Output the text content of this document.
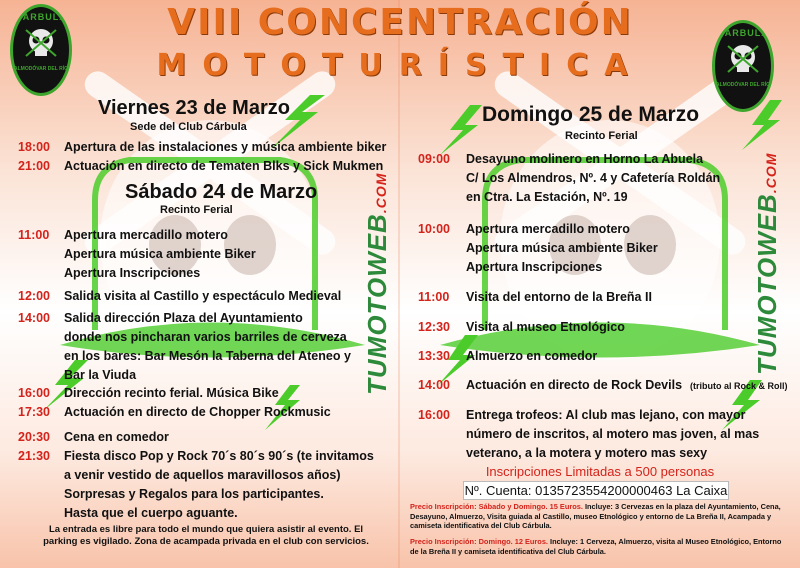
CÁRBULA
ALMODÓVAR DEL RÍO
CÁRBULA
ALMODÓVAR DEL RÍO
VIII CONCENTRACIÓN
MOTOTURÍSTICA
TUMOTOWEB.COM
TUMOTOWEB.COM
Viernes 23 de Marzo
Sede del Club Cárbula
Sábado 24 de Marzo
Recinto Ferial
Domingo 25 de Marzo
Recinto Ferial
18:00 Apertura de las instalaciones y música ambiente biker
21:00 Actuación en directo de Tematen Blks y Sick Mukmen
11:00 Apertura mercadillo motero
Apertura música ambiente Biker
Apertura Inscripciones
12:00 Salida visita al Castillo y espectáculo Medieval
14:00 Salida dirección Plaza del Ayuntamiento
donde nos pincharan varios barriles de cerveza
en los bares: Bar Mesón la Taberna del Ateneo y
Bar la Viuda
16:00 Dirección recinto ferial. Música Bike
17:30 Actuación en directo de Chopper Rockmusic
20:30 Cena en comedor
21:30 Fiesta disco Pop y Rock 70´s 80´s 90´s (te invitamos
a venir vestido de aquellos maravillosos años)
Sorpresas y Regalos para los participantes.
Hasta que el cuerpo aguante.
09:00 Desayuno molinero en Horno La Abuela
C/ Los Almendros, Nº. 4 y Cafetería Roldán
en Ctra. La Estación, Nº. 19
10:00 Apertura mercadillo motero
Apertura música ambiente Biker
Apertura Inscripciones
11:00 Visita del entorno de la Breña II
12:30 Visita al museo Etnológico
13:30 Almuerzo en comedor
14:00 Actuación en directo de Rock Devils (tributo al Rock & Roll)
16:00 Entrega trofeos: Al club mas lejano, con mayor
número de inscritos, al motero mas joven, al mas
veterano, a la motera y motero mas sexy
La entrada es libre para todo el mundo que quiera asistir al evento. El parking es vigilado. Zona de acampada privada en el club con servicios.
Inscripciones Limitadas a 500 personas
Nº. Cuenta: 0135723554200000463 La Caixa
Precio Inscripción: Sábado y Domingo. 15 Euros. Incluye: 3 Cervezas en la plaza del Ayuntamiento, Cena, Desayuno, Almuerzo, Visita guiada al Castillo, museo Etnológico y entorno de La Breña II, Acampada y camiseta identificativa del Club Cárbula.
Precio Inscripción: Domingo. 12 Euros. Incluye: 1 Cerveza, Almuerzo, visita al Museo Etnológico, Entorno de la Breña II y camiseta identificativa del Club Cárbula.
